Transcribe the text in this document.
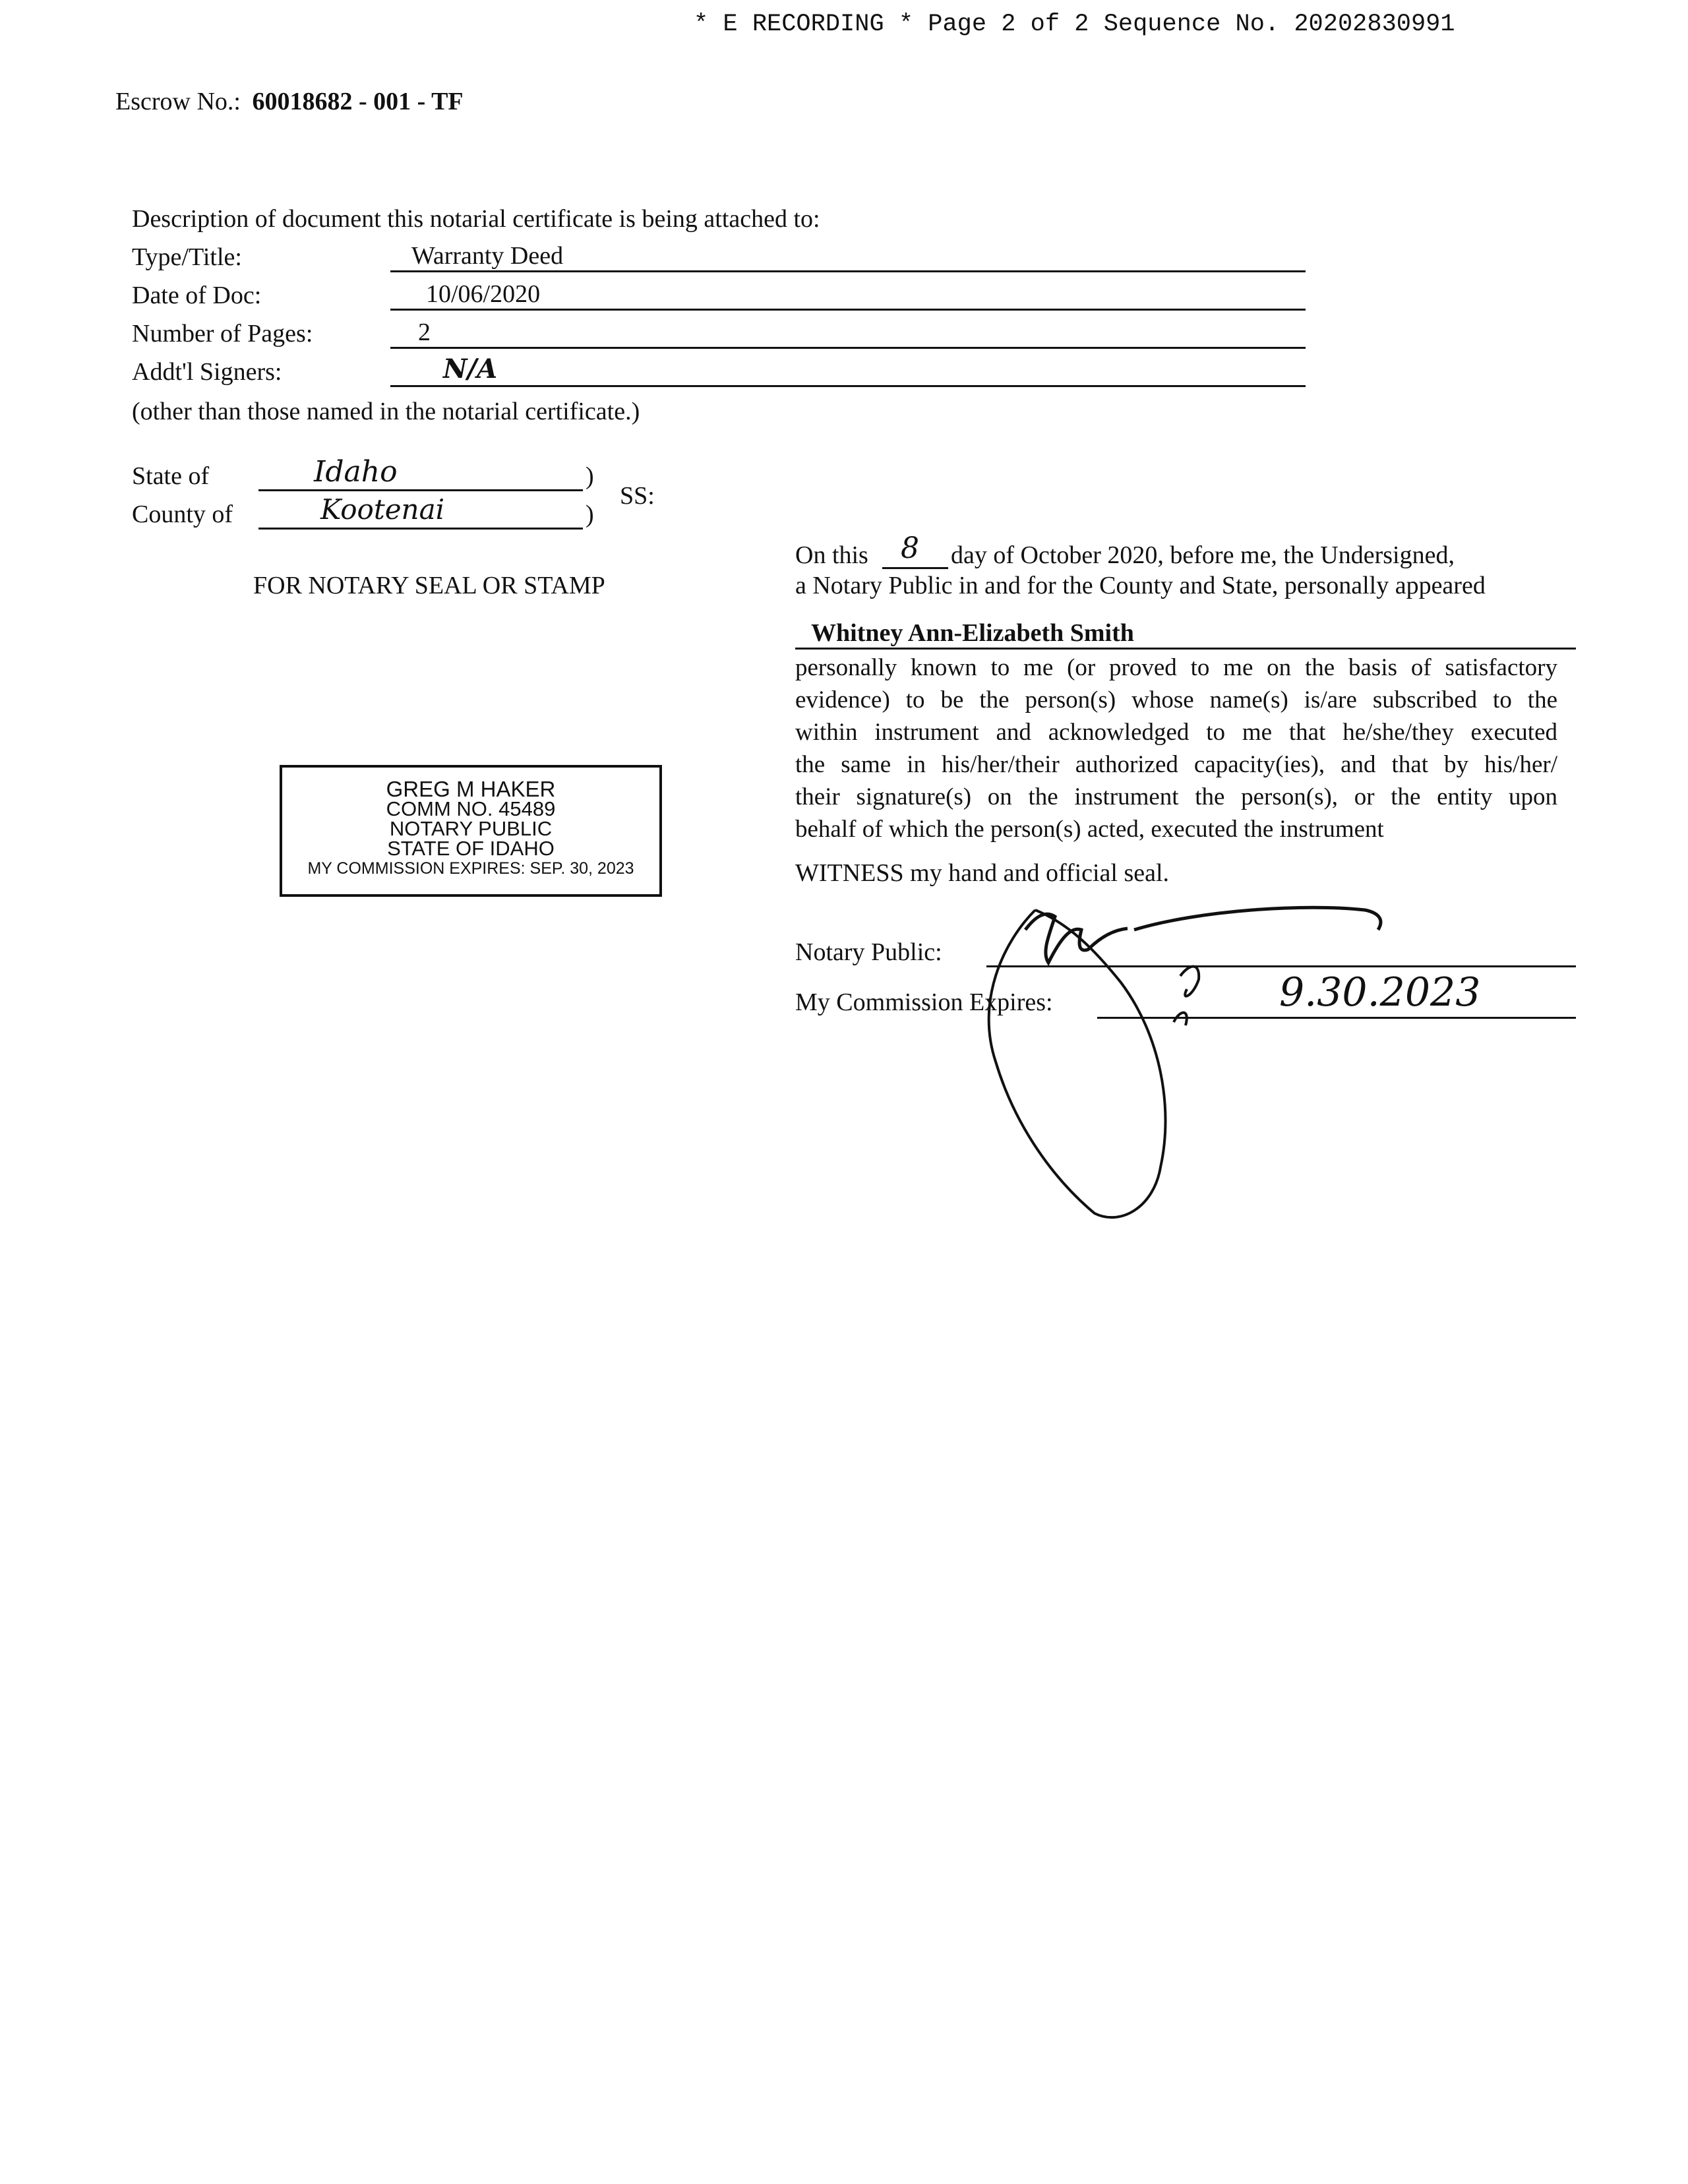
* E RECORDING * Page 2 of 2 Sequence No. 20202830991
Escrow No.: 60018682 - 001 - TF
Description of document this notarial certificate is being attached to:
Type/Title:	Warranty Deed
Date of Doc:	10/06/2020
Number of Pages:	2
Addt'l Signers:	N/A
(other than those named in the notarial certificate.)
State of	Idaho	)
County of	Kootenai	)
SS:
FOR NOTARY SEAL OR STAMP
GREG M HAKER
COMM NO. 45489
NOTARY PUBLIC
STATE OF IDAHO
MY COMMISSION EXPIRES: SEP. 30, 2023
On this 8 day of October 2020, before me, the Undersigned,
a Notary Public in and for the County and State, personally appeared
Whitney Ann-Elizabeth Smith
personally known to me (or proved to me on the basis of satisfactory
evidence) to be the person(s) whose name(s) is/are subscribed to the
within instrument and acknowledged to me that he/she/they executed
the same in his/her/their authorized capacity(ies), and that by his/her/
their signature(s) on the instrument the person(s), or the entity upon
behalf of which the person(s) acted, executed the instrument
WITNESS my hand and official seal.
Notary Public:
My Commission Expires:	9.30.2023
